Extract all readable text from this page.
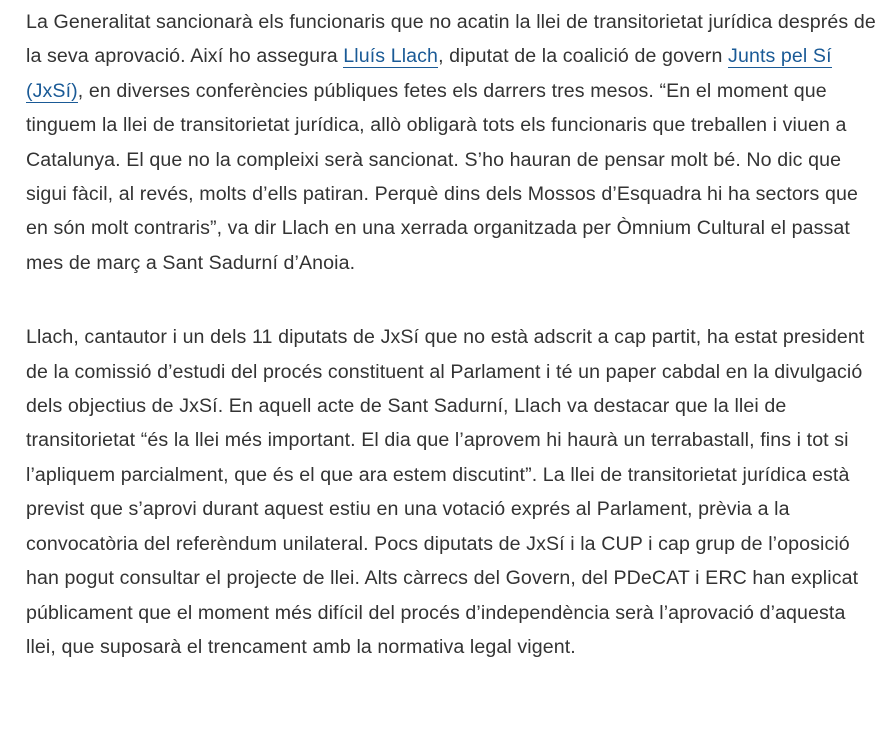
La Generalitat sancionarà els funcionaris que no acatin la llei de transitorietat jurídica després de la seva aprovació. Així ho assegura Lluís Llach, diputat de la coalició de govern Junts pel Sí (JxSí), en diverses conferències públiques fetes els darrers tres mesos. “En el moment que tinguem la llei de transitorietat jurídica, allò obligarà tots els funcionaris que treballen i viuen a Catalunya. El que no la compleixi serà sancionat. S’ho hauran de pensar molt bé. No dic que sigui fàcil, al revés, molts d’ells patiran. Perquè dins dels Mossos d’Esquadra hi ha sectors que en són molt contraris”, va dir Llach en una xerrada organitzada per Òmnium Cultural el passat mes de març a Sant Sadurní d’Anoia.

Llach, cantautor i un dels 11 diputats de JxSí que no està adscrit a cap partit, ha estat president de la comissió d’estudi del procés constituent al Parlament i té un paper cabdal en la divulgació dels objectius de JxSí. En aquell acte de Sant Sadurní, Llach va destacar que la llei de transitorietat “és la llei més important. El dia que l’aprovem hi haurà un terrabastall, fins i tot si l’apliquem parcialment, que és el que ara estem discutint”. La llei de transitorietat jurídica està previst que s’aprovi durant aquest estiu en una votació exprés al Parlament, prèvia a la convocatòria del referèndum unilateral. Pocs diputats de JxSí i la CUP i cap grup de l’oposició han pogut consultar el projecte de llei. Alts càrrecs del Govern, del PDeCAT i ERC han explicat públicament que el moment més difícil del procés d’independència serà l’aprovació d’aquesta llei, que suposarà el trencament amb la normativa legal vigent.
